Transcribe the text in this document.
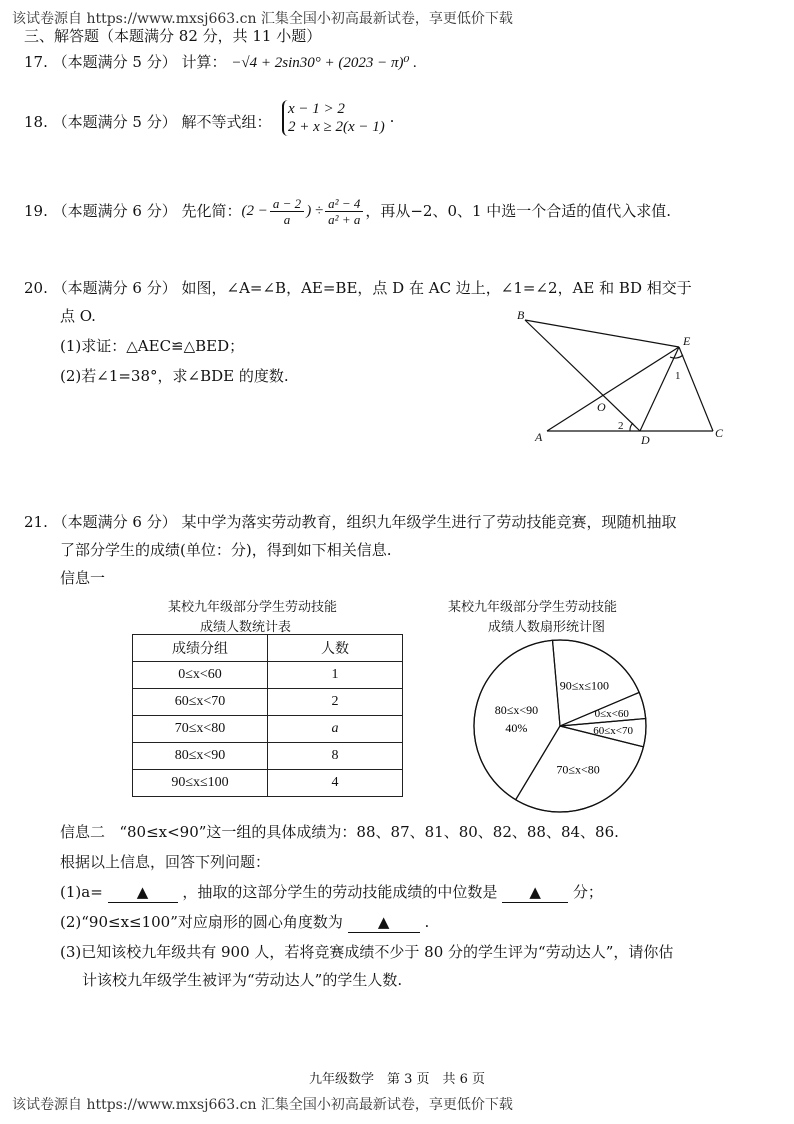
该试卷源自 https://www.mxsj663.cn 汇集全国小初高最新试卷，享更低价下载
三、解答题（本题满分 82 分，共 11 小题）
17. （本题满分 5 分） 计算： −√4 + 2sin30° + (2023 − π)⁰ .
18. （本题满分 5 分） 解不等式组：
x − 1 > 2
2 + x ≥ 2(x − 1)
.
19.
（本题满分 6 分）
先化简： ($2 - \frac{a - 2}{a}$ ) ÷ $\frac{\text{a² − 4}}{\text{a² + a}}$ ，再从−2、0、1 中选一个合适的值代入求值.
20. （本题满分 6 分） 如图，∠A=∠B，AE=BE，点 D 在 AC 边上，∠1=∠2，AE 和 BD 相交于
点 O.
(1)求证：△AEC≌△BED；
(2)若∠1=38°，求∠BDE 的度数.
B
E
O
A	D	C
1
2
21. （本题满分 6 分） 某中学为落实劳动教育，组织九年级学生进行了劳动技能竞赛，现随机抽取
了部分学生的成绩(单位：分)，得到如下相关信息.
信息一
某校九年级部分学生劳动技能
成绩人数统计表
成绩分组	人数
0≤x<60	1
60≤x<70	2
70≤x<80	a
80≤x<90	8
90≤x≤100	4
某校九年级部分学生劳动技能
成绩人数扇形统计图
90≤x≤100
0≤x<60
60≤x<70
70≤x<80
80≤x<90
40%
信息二 “80≤x<90”这一组的具体成绩为：88、87、81、80、82、88、84、86.
根据以上信息，回答下列问题：
(1)a= ▲ ，抽取的这部分学生的劳动技能成绩的中位数是 ▲ 分；
(2)“90≤x≤100”对应扇形的圆心角度数为 ▲ .
(3)已知该校九年级共有 900 人，若将竞赛成绩不少于 80 分的学生评为“劳动达人”，请你估
计该校九年级学生被评为“劳动达人”的学生人数.
九年级数学　第 3 页　共 6 页
该试卷源自 https://www.mxsj663.cn 汇集全国小初高最新试卷，享更低价下载
